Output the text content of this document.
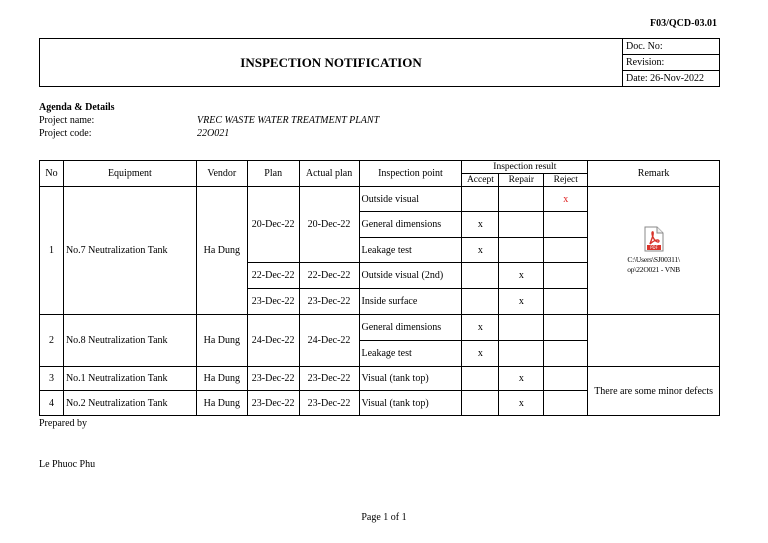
F03/QCD-03.01
INSPECTION NOTIFICATION	Doc. No:
Revision:
Date: 26-Nov-2022
Agenda & Details
Project name:	VREC WASTE WATER TREATMENT PLANT
Project code:	22O021
No	Equipment	Vendor	Plan	Actual plan	Inspection point	Inspection result			Remark
						Accept	Repair	Reject	
1	No.7 Neutralization Tank	Ha Dung	20-Dec-22	20-Dec-22	Outside visual			x	PDF
C:\Users\SJ00311\
op\22O021 - VNB

					General dimensions	x			
					Leakage test	x			
			22-Dec-22	22-Dec-22	Outside visual (2nd)		x		
			23-Dec-22	23-Dec-22	Inside surface		x		
2	No.8 Neutralization Tank	Ha Dung	24-Dec-22	24-Dec-22	General dimensions	x			
					Leakage test	x			
3	No.1 Neutralization Tank	Ha Dung	23-Dec-22	23-Dec-22	Visual (tank top)		x		There are some minor defects
4	No.2 Neutralization Tank	Ha Dung	23-Dec-22	23-Dec-22	Visual (tank top)		x		
Prepared by
Le Phuoc Phu
Page 1 of 1
